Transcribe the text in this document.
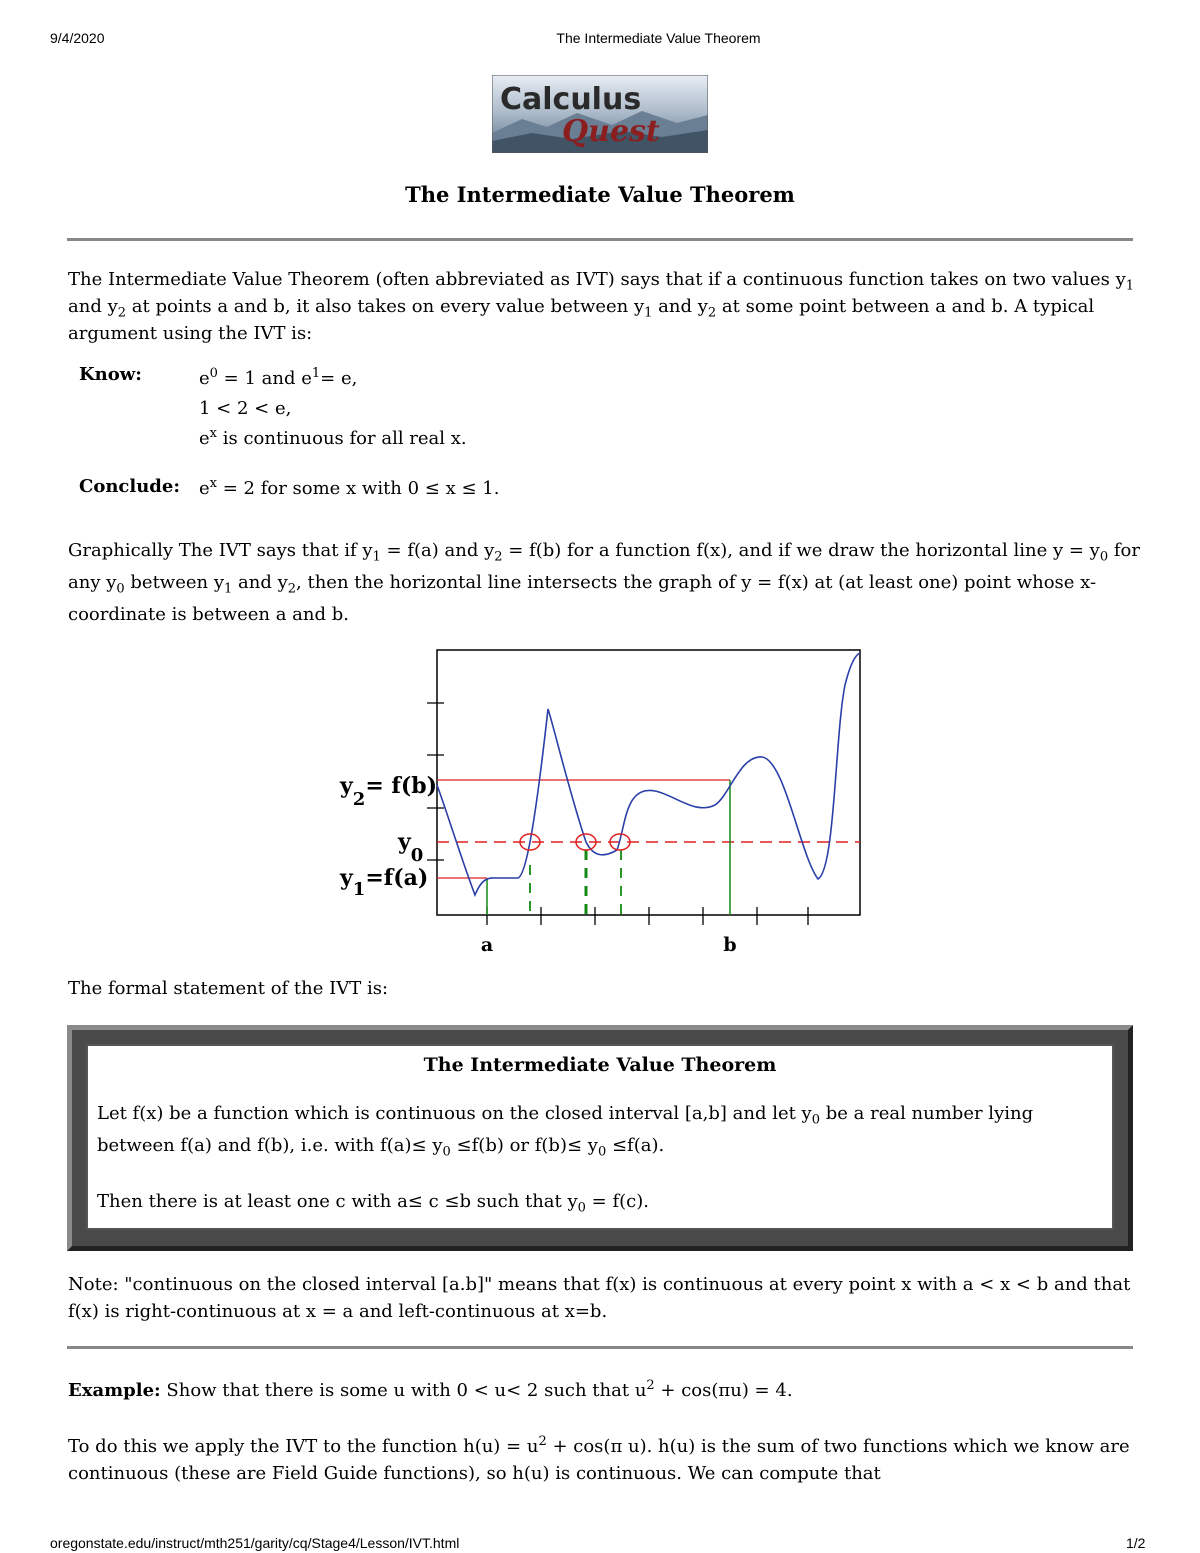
9/4/2020	The Intermediate Value Theorem
Calculus
Quest
The Intermediate Value Theorem
The Intermediate Value Theorem (often abbreviated as IVT) says that if a continuous function takes on two values $y_1$ and $y_2$ at points a and b, it also takes on every value between $y_1$ and $y_2$ at some point between a and b. A typical argument using the IVT is:
Know:	$e^0 = 1$ and $e^1= e$,
1 < 2 < e,
$e^x$ is continuous for all real x.
Conclude: $e^x = 2$ for some x with 0 ≤ x ≤ 1.
Graphically The IVT says that if $y_1 = f(a)$ and $y_2 = f(b)$ for a function f(x), and if we draw the horizontal line $y = y_0$ for any $y_0$ between $y_1$ and $y_2$, then the horizontal line intersects the graph of y = f(x) at (at least one) point whose x-coordinate is between a and b.
$y_2= f(b)$
$y_0$
$y_1=f(a)$
a	b
The formal statement of the IVT is:
The Intermediate Value Theorem
Let f(x) be a function which is continuous on the closed interval [a,b] and let $y_0$ be a real number lying
between f(a) and f(b), i.e. with $f(a)\le y_0 \le f(b)$ or $f(b)\le y_0 \le f(a)$.
Then there is at least one c with a≤ c ≤b such that $y_0 = f(c)$.
Note: "continuous on the closed interval [a.b]" means that f(x) is continuous at every point x with a < x < b and that f(x) is right-continuous at x = a and left-continuous at x=b.
Example: Show that there is some u with 0 < u< 2 such that $u^2 + \cos(\pi u) = 4$.
To do this we apply the IVT to the function $h(u) = u^2 + \cos(\pi$ u). h(u) is the sum of two functions which we know are continuous (these are Field Guide functions), so h(u) is continuous. We can compute that
oregonstate.edu/instruct/mth251/garity/cq/Stage4/Lesson/IVT.html	1/2
